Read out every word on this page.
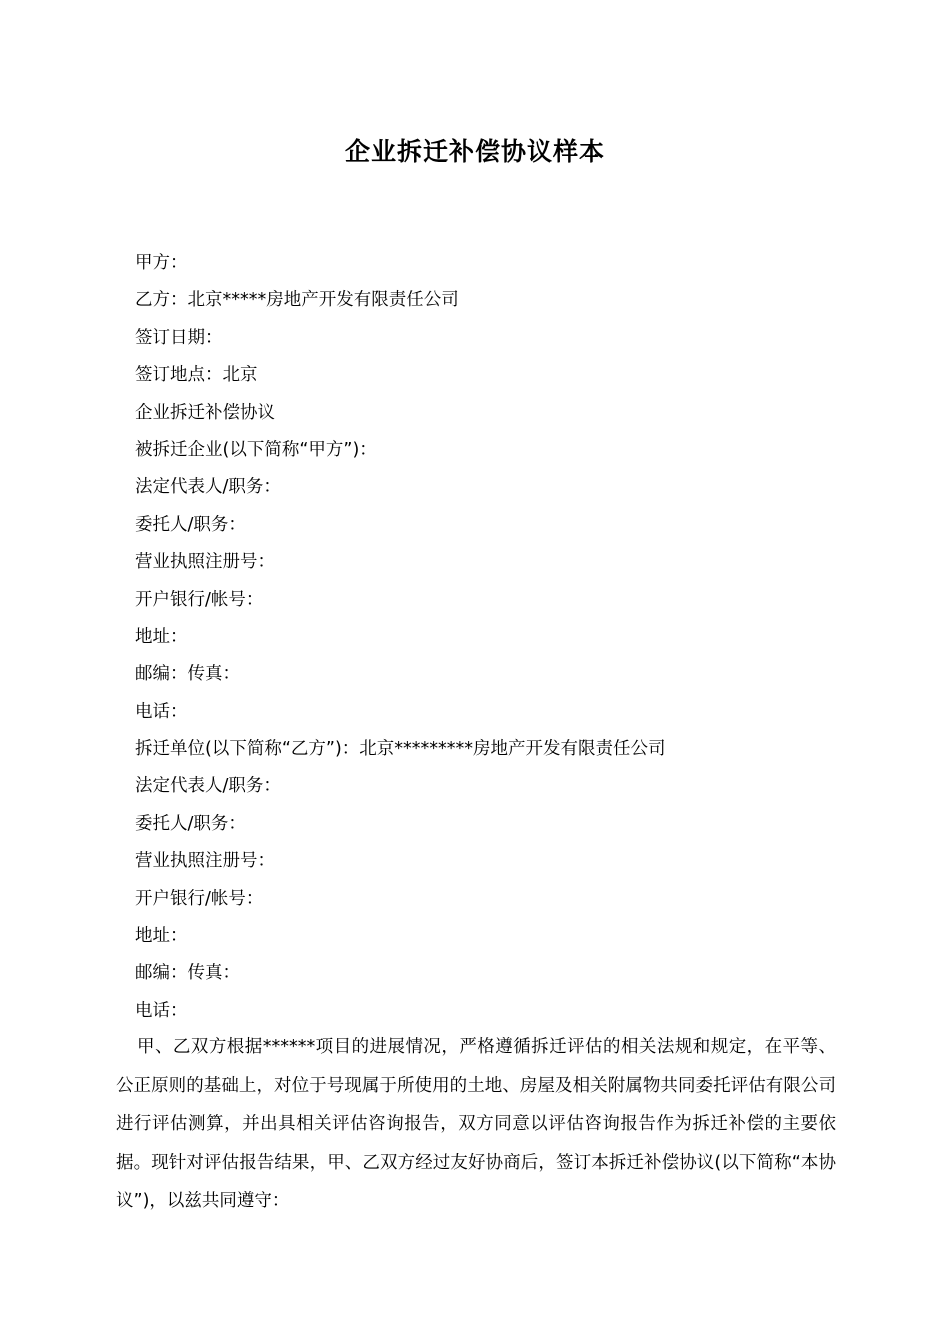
企业拆迁补偿协议样本
甲方：
乙方：北京*****房地产开发有限责任公司
签订日期：
签订地点：北京
企业拆迁补偿协议
被拆迁企业(以下简称“甲方”)：
法定代表人/职务：
委托人/职务：
营业执照注册号：
开户银行/帐号：
地址：
邮编：传真：
电话：
拆迁单位(以下简称“乙方”)：北京*********房地产开发有限责任公司
法定代表人/职务：
委托人/职务：
营业执照注册号：
开户银行/帐号：
地址：
邮编：传真：
电话：
甲、乙双方根据******项目的进展情况，严格遵循拆迁评估的相关法规和规定，在平等、公正原则的基础上，对位于号现属于所使用的土地、房屋及相关附属物共同委托评估有限公司进行评估测算，并出具相关评估咨询报告，双方同意以评估咨询报告作为拆迁补偿的主要依据。现针对评估报告结果，甲、乙双方经过友好协商后，签订本拆迁补偿协议(以下简称“本协议”)，以兹共同遵守：
